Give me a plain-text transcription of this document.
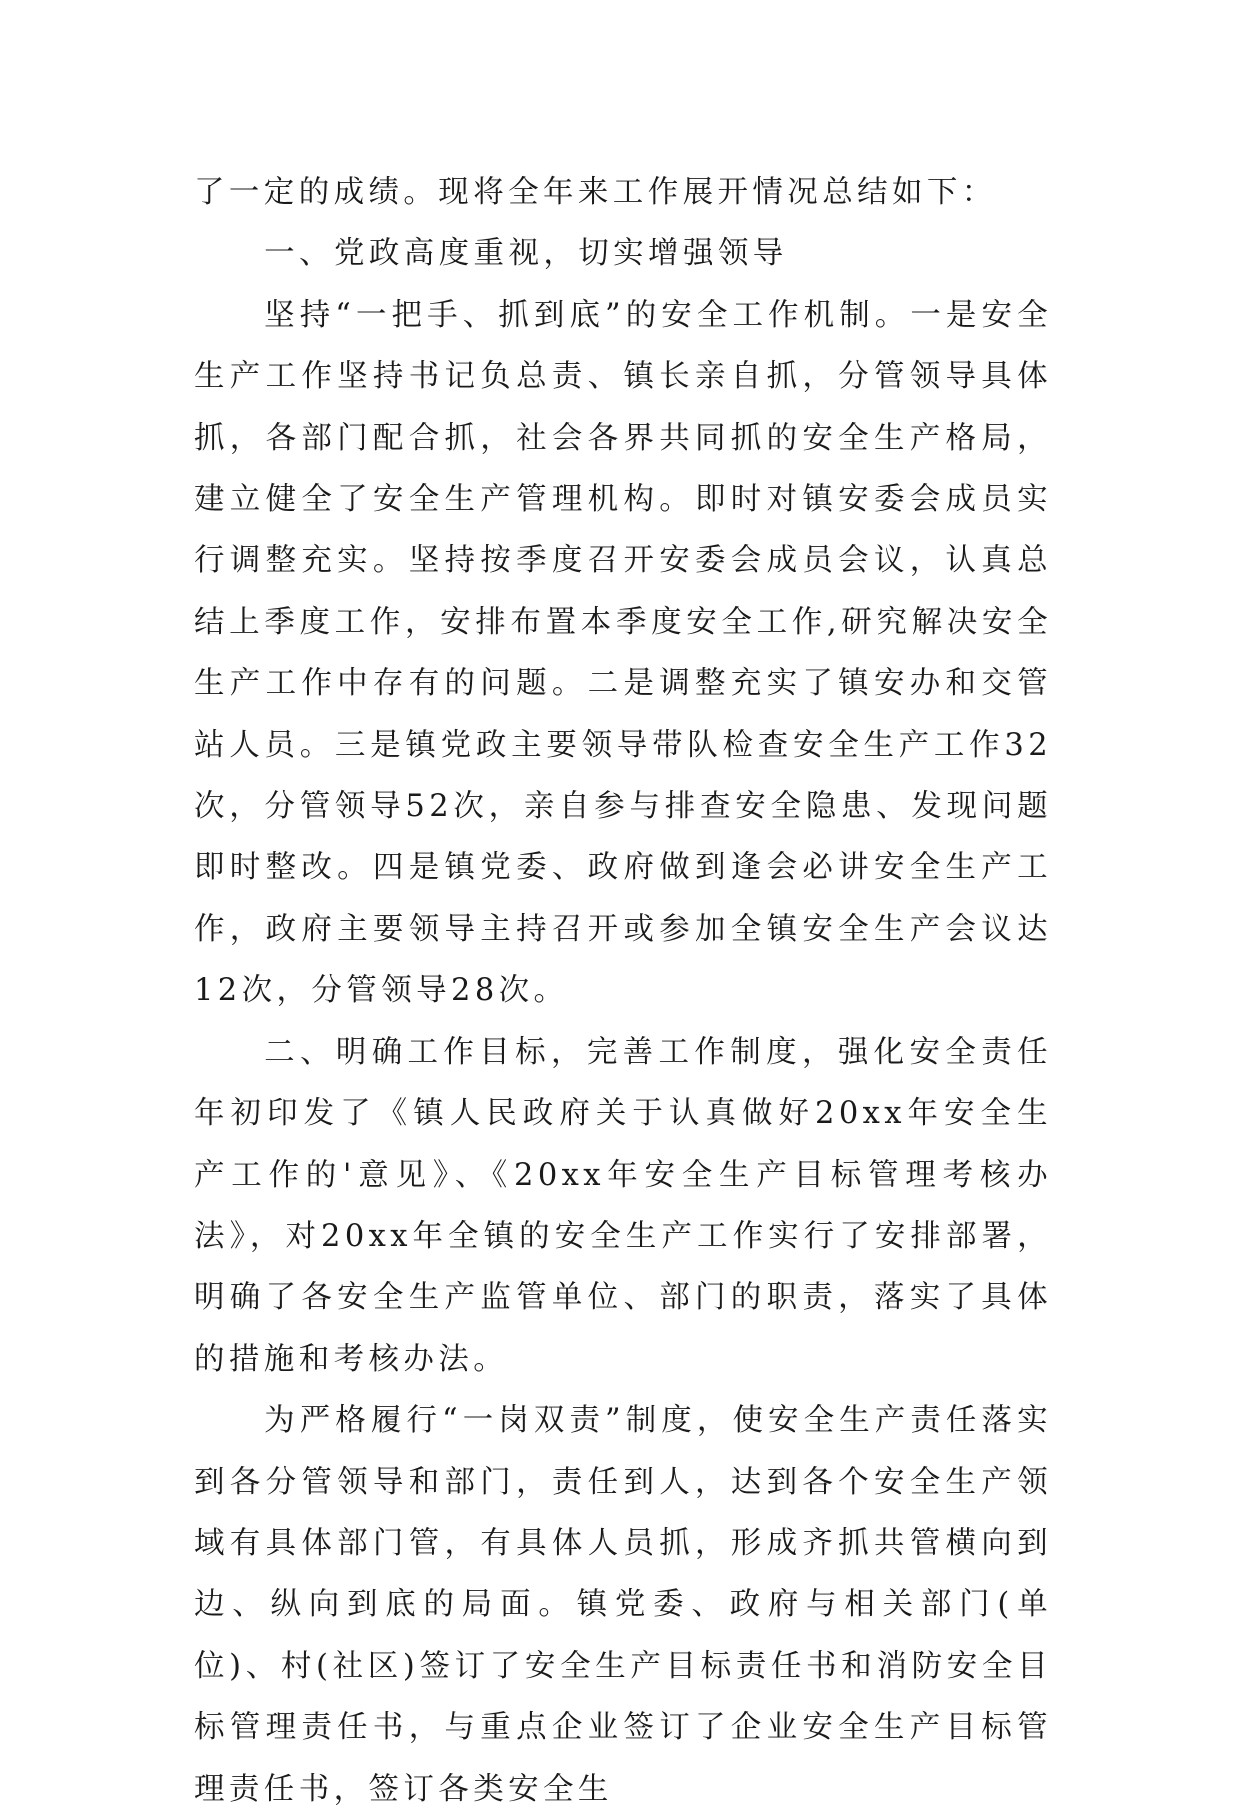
了一定的成绩。现将全年来工作展开情况总结如下：

一、党政高度重视，切实增强领导

坚持“一把手、抓到底”的安全工作机制。一是安全生产工作坚持书记负总责、镇长亲自抓，分管领导具体抓，各部门配合抓，社会各界共同抓的安全生产格局，建立健全了安全生产管理机构。即时对镇安委会成员实行调整充实。坚持按季度召开安委会成员会议，认真总结上季度工作，安排布置本季度安全工作,研究解决安全生产工作中存有的问题。二是调整充实了镇安办和交管站人员。三是镇党政主要领导带队检查安全生产工作32次，分管领导52次，亲自参与排查安全隐患、发现问题即时整改。四是镇党委、政府做到逢会必讲安全生产工作，政府主要领导主持召开或参加全镇安全生产会议达12次，分管领导28次。

二、明确工作目标，完善工作制度，强化安全责任年初印发了《镇人民政府关于认真做好20xx年安全生产工作的'意见》、《20xx年安全生产目标管理考核办法》，对20xx年全镇的安全生产工作实行了安排部署，明确了各安全生产监管单位、部门的职责，落实了具体的措施和考核办法。

为严格履行“一岗双责”制度，使安全生产责任落实到各分管领导和部门，责任到人，达到各个安全生产领域有具体部门管，有具体人员抓，形成齐抓共管横向到边、纵向到底的局面。镇党委、政府与相关部门(单位)、村(社区)签订了安全生产目标责任书和消防安全目标管理责任书，与重点企业签订了企业安全生产目标管理责任书，签订各类安全生
